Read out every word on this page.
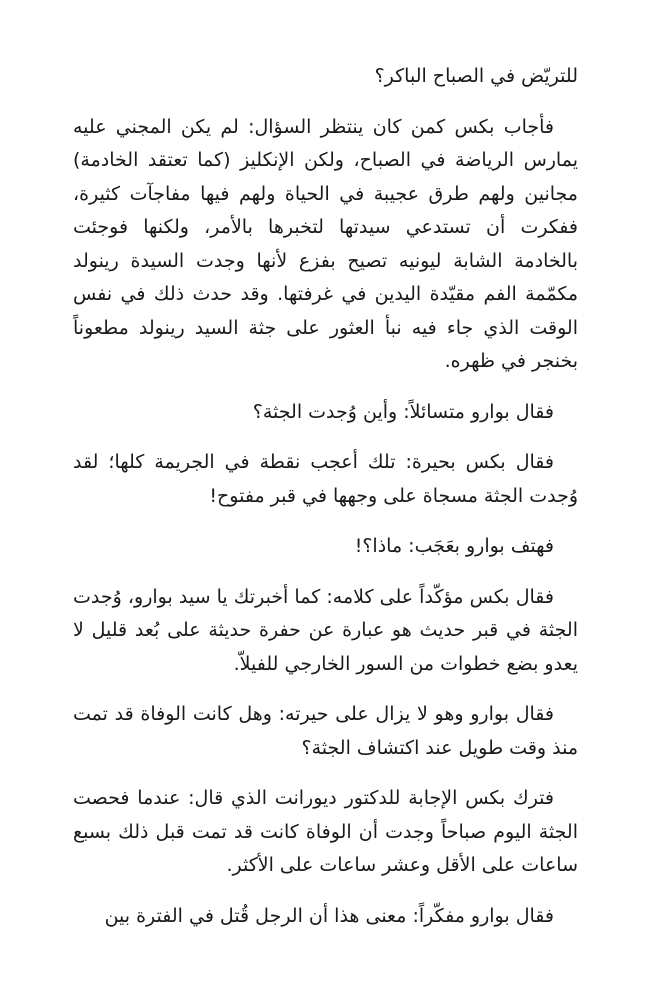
للتريّض في الصباح الباكر؟

فأجاب بكس كمن كان ينتظر السؤال: لم يكن المجني عليه يمارس الرياضة في الصباح، ولكن الإنكليز (كما تعتقد الخادمة) مجانين ولهم طرق عجيبة في الحياة ولهم فيها مفاجآت كثيرة، ففكرت أن تستدعي سيدتها لتخبرها بالأمر، ولكنها فوجئت بالخادمة الشابة ليونيه تصيح بفزع لأنها وجدت السيدة رينولد مكمّمة الفم مقيّدة اليدين في غرفتها. وقد حدث ذلك في نفس الوقت الذي جاء فيه نبأ العثور على جثة السيد رينولد مطعوناً بخنجر في ظهره.

فقال بوارو متسائلاً: وأين وُجدت الجثة؟

فقال بكس بحيرة: تلك أعجب نقطة في الجريمة كلها؛ لقد وُجدت الجثة مسجاة على وجهها في قبر مفتوح!

فهتف بوارو بعَجَب: ماذا؟!

فقال بكس مؤكّداً على كلامه: كما أخبرتك يا سيد بوارو، وُجدت الجثة في قبر حديث هو عبارة عن حفرة حديثة على بُعد قليل لا يعدو بضع خطوات من السور الخارجي للفيلاّ.

فقال بوارو وهو لا يزال على حيرته: وهل كانت الوفاة قد تمت منذ وقت طويل عند اكتشاف الجثة؟

فترك بكس الإجابة للدكتور ديورانت الذي قال: عندما فحصت الجثة اليوم صباحاً وجدت أن الوفاة كانت قد تمت قبل ذلك بسبع ساعات على الأقل وعشر ساعات على الأكثر.

فقال بوارو مفكّراً: معنى هذا أن الرجل قُتل في الفترة بين
